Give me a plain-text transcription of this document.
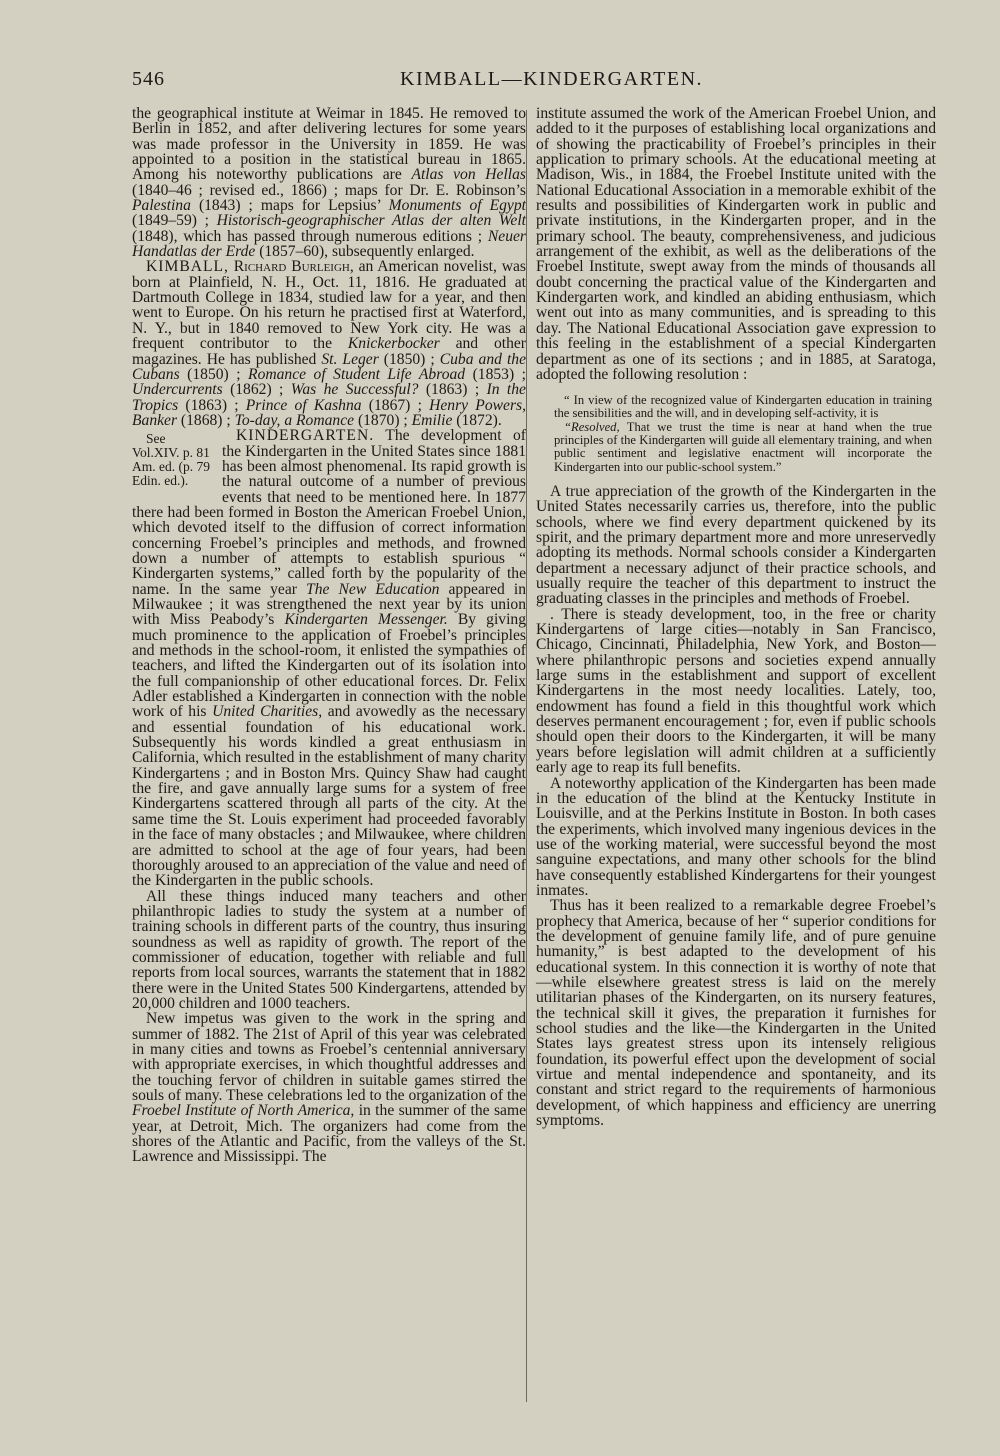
546	KIMBALL—KINDERGARTEN.

the geographical institute at Weimar in 1845. He removed to Berlin in 1852, and after delivering lectures for some years was made professor in the University in 1859. He was appointed to a position in the statistical bureau in 1865. Among his noteworthy publications are Atlas von Hellas (1840–46 ; revised ed., 1866) ; maps for Dr. E. Robinson’s Palestina (1843) ; maps for Lepsius’ Monuments of Egypt (1849–59) ; Historisch-geographischer Atlas der alten Welt (1848), which has passed through numerous editions ; Neuer Handatlas der Erde (1857–60), subsequently enlarged.

KIMBALL, Richard Burleigh, an American novelist, was born at Plainfield, N. H., Oct. 11, 1816. He graduated at Dartmouth College in 1834, studied law for a year, and then went to Europe. On his return he practised first at Waterford, N. Y., but in 1840 removed to New York city. He was a frequent contributor to the Knickerbocker and other magazines. He has published St. Leger (1850) ; Cuba and the Cubans (1850) ; Romance of Student Life Abroad (1853) ; Undercurrents (1862) ; Was he Successful? (1863) ; In the Tropics (1863) ; Prince of Kashna (1867) ; Henry Powers, Banker (1868) ; To-day, a Romance (1870) ; Emilie (1872).

KINDERGARTEN.
See Vol.XIV. p. 81 Am. ed. (p. 79 Edin. ed.).
The development of the Kindergarten in the United States since 1881 has been almost phenomenal. Its rapid growth is the natural outcome of a number of previous events that need to be mentioned here. In 1877 there had been formed in Boston the American Froebel Union, which devoted itself to the diffusion of correct information concerning Froebel’s principles and methods, and frowned down a number of attempts to establish spurious “ Kindergarten systems,” called forth by the popularity of the name. In the same year The New Education appeared in Milwaukee ; it was strengthened the next year by its union with Miss Peabody’s Kindergarten Messenger. By giving much prominence to the application of Froebel’s principles and methods in the school-room, it enlisted the sympathies of teachers, and lifted the Kindergarten out of its isolation into the full companionship of other educational forces. Dr. Felix Adler established a Kindergarten in connection with the noble work of his United Charities, and avowedly as the necessary and essential foundation of his educational work. Subsequently his words kindled a great enthusiasm in California, which resulted in the establishment of many charity Kindergartens ; and in Boston Mrs. Quincy Shaw had caught the fire, and gave annually large sums for a system of free Kindergartens scattered through all parts of the city. At the same time the St. Louis experiment had proceeded favorably in the face of many obstacles ; and Milwaukee, where children are admitted to school at the age of four years, had been thoroughly aroused to an appreciation of the value and need of the Kindergarten in the public schools.

All these things induced many teachers and other philanthropic ladies to study the system at a number of training schools in different parts of the country, thus insuring soundness as well as rapidity of growth. The report of the commissioner of education, together with reliable and full reports from local sources, warrants the statement that in 1882 there were in the United States 500 Kindergartens, attended by 20,000 children and 1000 teachers.

New impetus was given to the work in the spring and summer of 1882. The 21st of April of this year was celebrated in many cities and towns as Froebel’s centennial anniversary with appropriate exercises, in which thoughtful addresses and the touching fervor of children in suitable games stirred the souls of many. These celebrations led to the organization of the Froebel Institute of North America, in the summer of the same year, at Detroit, Mich. The organizers had come from the shores of the Atlantic and Pacific, from the valleys of the St. Lawrence and Mississippi. The

institute assumed the work of the American Froebel Union, and added to it the purposes of establishing local organizations and of showing the practicability of Froebel’s principles in their application to primary schools. At the educational meeting at Madison, Wis., in 1884, the Froebel Institute united with the National Educational Association in a memorable exhibit of the results and possibilities of Kindergarten work in public and private institutions, in the Kindergarten proper, and in the primary school. The beauty, comprehensiveness, and judicious arrangement of the exhibit, as well as the deliberations of the Froebel Institute, swept away from the minds of thousands all doubt concerning the practical value of the Kindergarten and Kindergarten work, and kindled an abiding enthusiasm, which went out into as many communities, and is spreading to this day. The National Educational Association gave expression to this feeling in the establishment of a special Kindergarten department as one of its sections ; and in 1885, at Saratoga, adopted the following resolution :

“ In view of the recognized value of Kindergarten education in training the sensibilities and the will, and in developing self-activity, it is

“Resolved, That we trust the time is near at hand when the true principles of the Kindergarten will guide all elementary training, and when public sentiment and legislative enactment will incorporate the Kindergarten into our public-school system.”

A true appreciation of the growth of the Kindergarten in the United States necessarily carries us, therefore, into the public schools, where we find every department quickened by its spirit, and the primary department more and more unreservedly adopting its methods. Normal schools consider a Kindergarten department a necessary adjunct of their practice schools, and usually require the teacher of this department to instruct the graduating classes in the principles and methods of Froebel.

. There is steady development, too, in the free or charity Kindergartens of large cities—notably in San Francisco, Chicago, Cincinnati, Philadelphia, New York, and Boston—where philanthropic persons and societies expend annually large sums in the establishment and support of excellent Kindergartens in the most needy localities. Lately, too, endowment has found a field in this thoughtful work which deserves permanent encouragement ; for, even if public schools should open their doors to the Kindergarten, it will be many years before legislation will admit children at a sufficiently early age to reap its full benefits.

A noteworthy application of the Kindergarten has been made in the education of the blind at the Kentucky Institute in Louisville, and at the Perkins Institute in Boston. In both cases the experiments, which involved many ingenious devices in the use of the working material, were successful beyond the most sanguine expectations, and many other schools for the blind have consequently established Kindergartens for their youngest inmates.

Thus has it been realized to a remarkable degree Froebel’s prophecy that America, because of her “ superior conditions for the development of genuine family life, and of pure genuine humanity,” is best adapted to the development of his educational system. In this connection it is worthy of note that—while elsewhere greatest stress is laid on the merely utilitarian phases of the Kindergarten, on its nursery features, the technical skill it gives, the preparation it furnishes for school studies and the like—the Kindergarten in the United States lays greatest stress upon its intensely religious foundation, its powerful effect upon the development of social virtue and mental independence and spontaneity, and its constant and strict regard to the requirements of harmonious development, of which happiness and efficiency are unerring symptoms.
